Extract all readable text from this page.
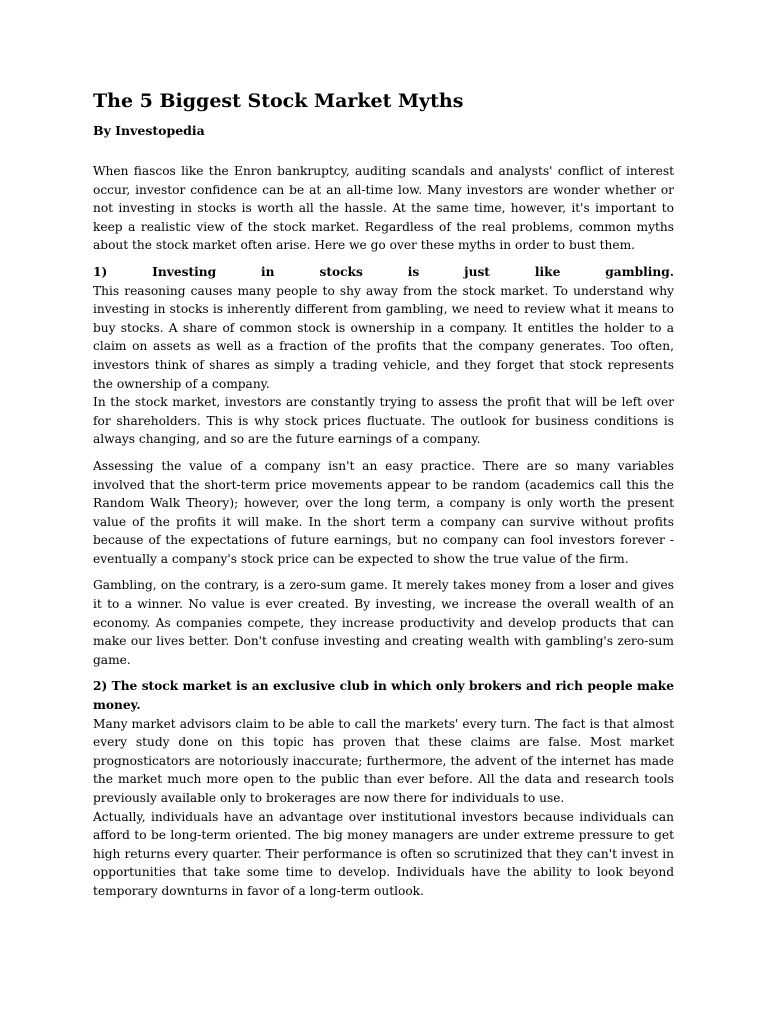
The 5 Biggest Stock Market Myths
By Investopedia

When fiascos like the Enron bankruptcy, auditing scandals and analysts' conflict of interest occur, investor confidence can be at an all-time low. Many investors are wonder whether or not investing in stocks is worth all the hassle. At the same time, however, it's important to keep a realistic view of the stock market. Regardless of the real problems, common myths about the stock market often arise. Here we go over these myths in order to bust them.

1) Investing in stocks is just like gambling.

This reasoning causes many people to shy away from the stock market. To understand why investing in stocks is inherently different from gambling, we need to review what it means to buy stocks. A share of common stock is ownership in a company. It entitles the holder to a claim on assets as well as a fraction of the profits that the company generates. Too often, investors think of shares as simply a trading vehicle, and they forget that stock represents the ownership of a company.

In the stock market, investors are constantly trying to assess the profit that will be left over for shareholders. This is why stock prices fluctuate. The outlook for business conditions is always changing, and so are the future earnings of a company.

Assessing the value of a company isn't an easy practice. There are so many variables involved that the short-term price movements appear to be random (academics call this the Random Walk Theory); however, over the long term, a company is only worth the present value of the profits it will make. In the short term a company can survive without profits because of the expectations of future earnings, but no company can fool investors forever - eventually a company's stock price can be expected to show the true value of the firm.

Gambling, on the contrary, is a zero-sum game. It merely takes money from a loser and gives it to a winner. No value is ever created. By investing, we increase the overall wealth of an economy. As companies compete, they increase productivity and develop products that can make our lives better. Don't confuse investing and creating wealth with gambling's zero-sum game.

2) The stock market is an exclusive club in which only brokers and rich people make money.

Many market advisors claim to be able to call the markets' every turn. The fact is that almost every study done on this topic has proven that these claims are false. Most market prognosticators are notoriously inaccurate; furthermore, the advent of the internet has made the market much more open to the public than ever before. All the data and research tools previously available only to brokerages are now there for individuals to use.

Actually, individuals have an advantage over institutional investors because individuals can afford to be long-term oriented. The big money managers are under extreme pressure to get high returns every quarter. Their performance is often so scrutinized that they can't invest in opportunities that take some time to develop. Individuals have the ability to look beyond temporary downturns in favor of a long-term outlook.
